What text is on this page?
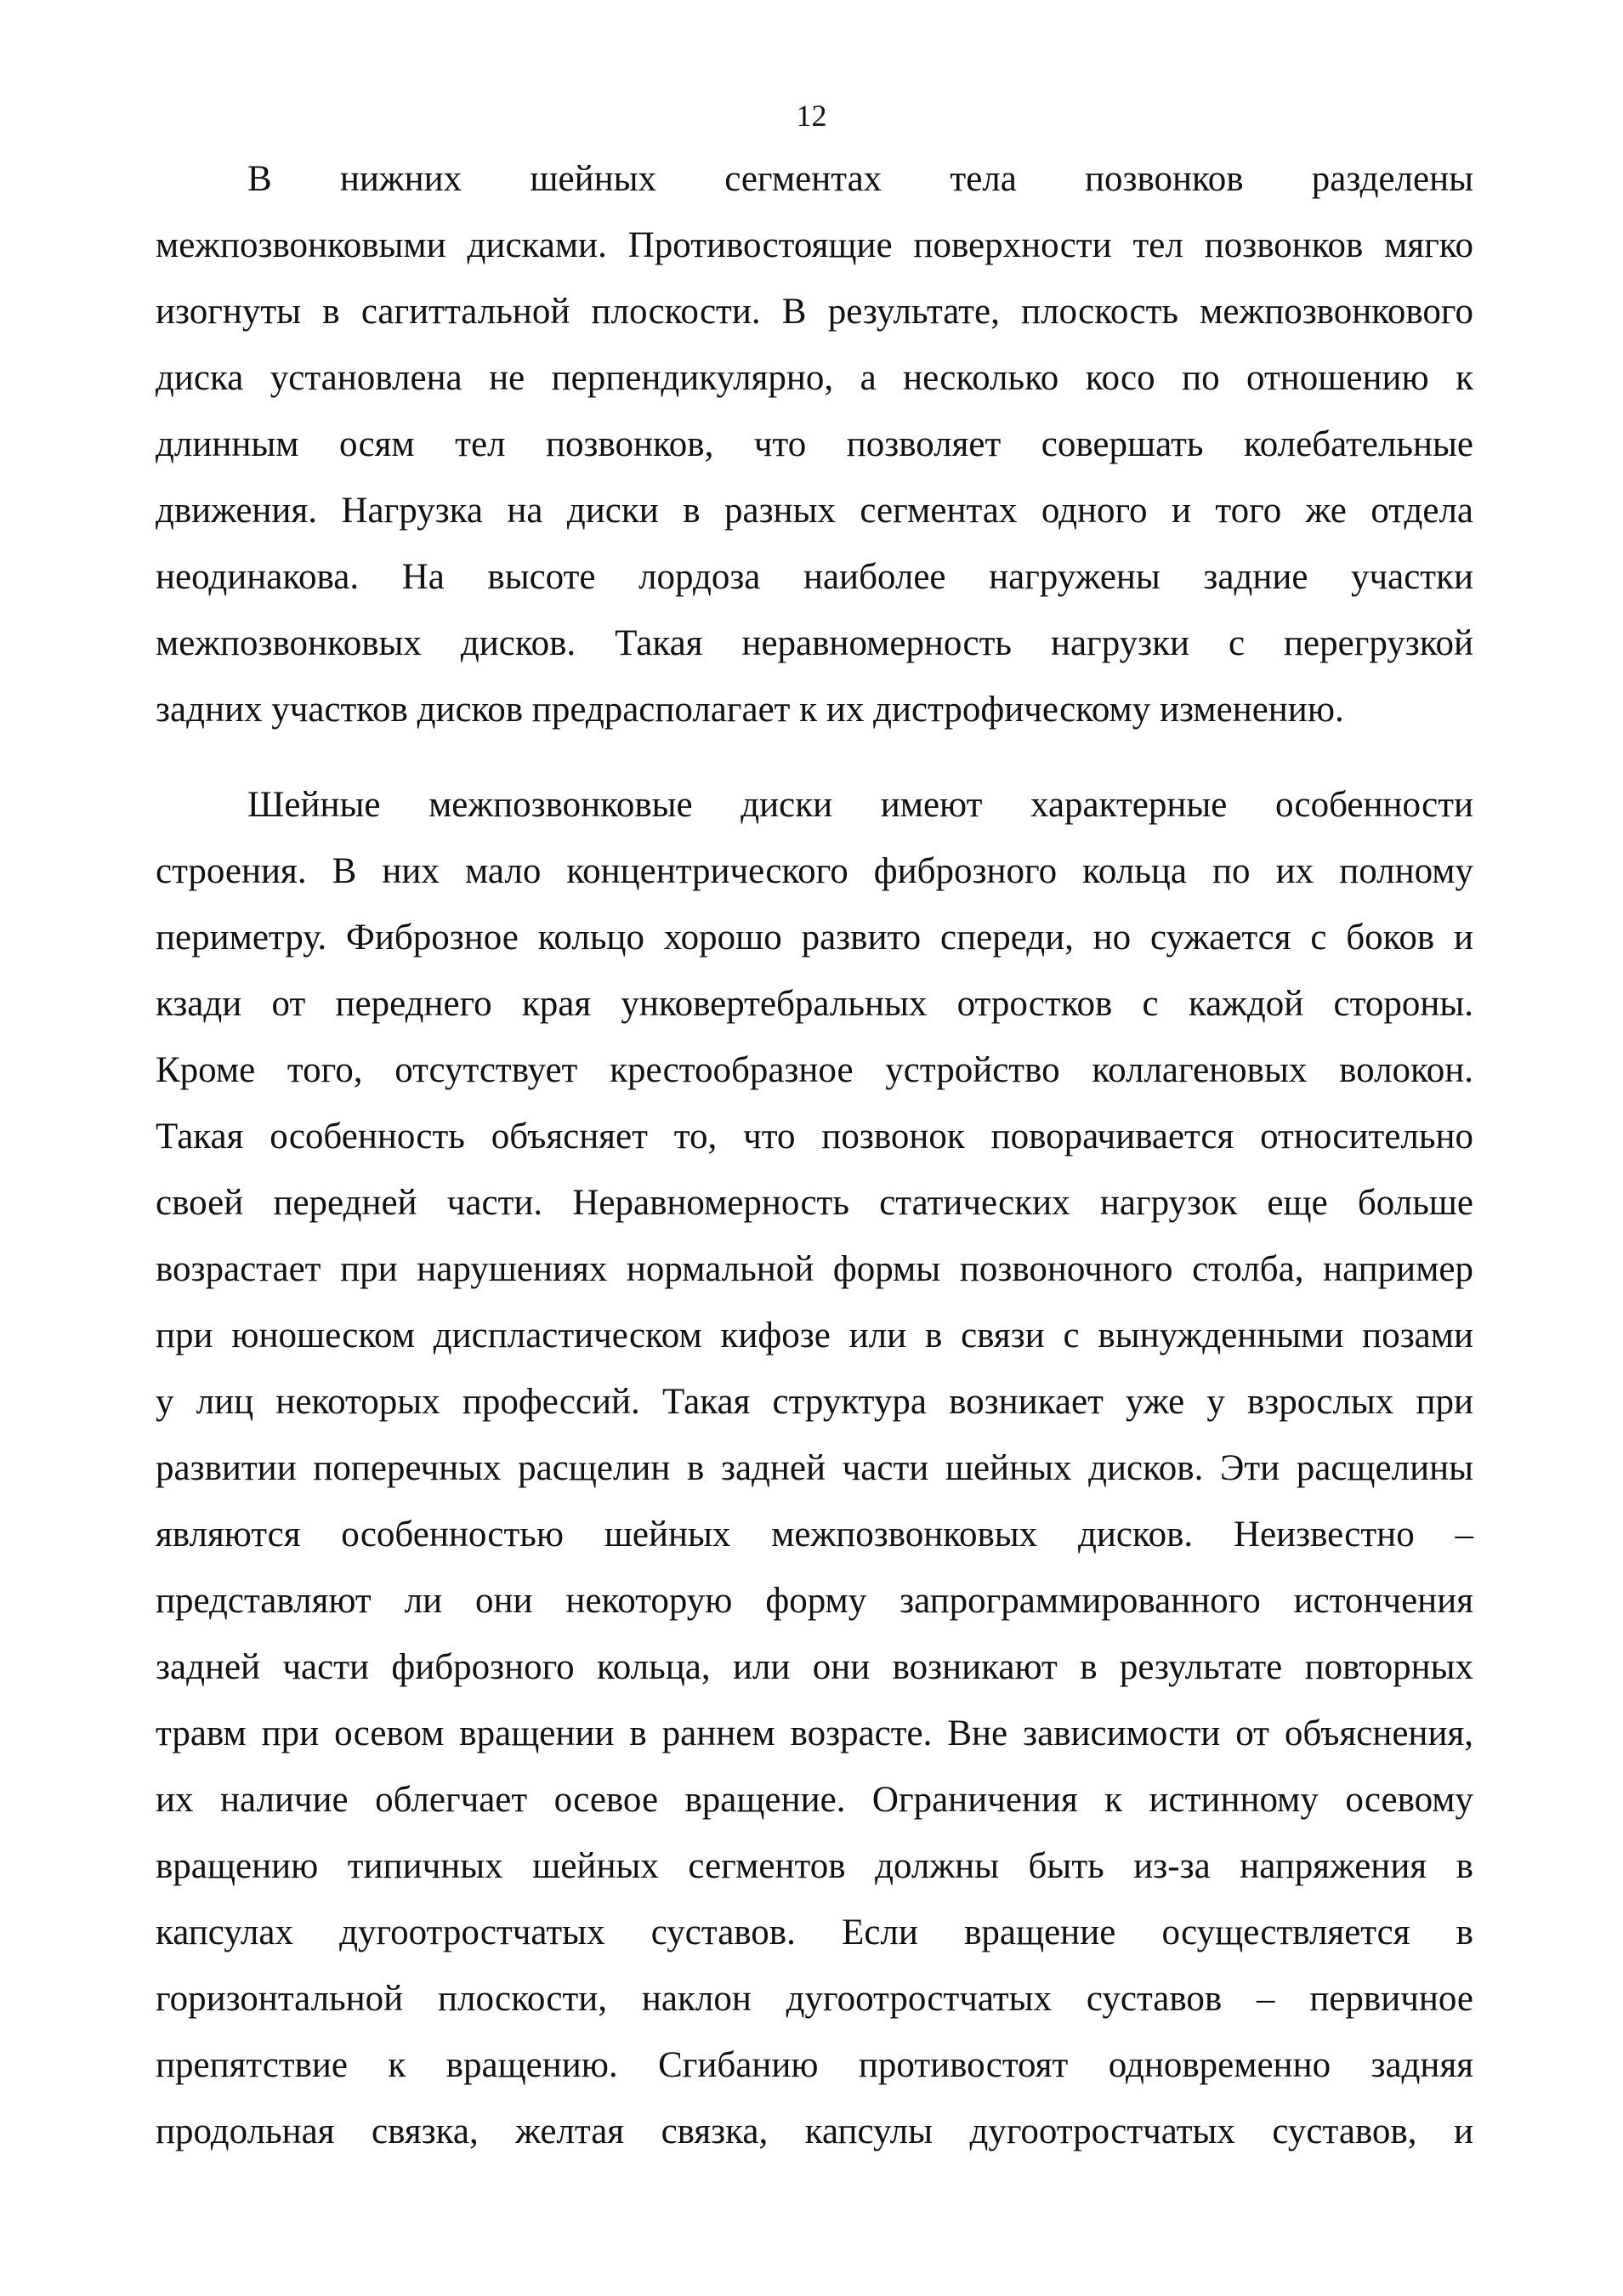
12
В нижних шейных сегментах тела позвонков разделены
межпозвонковыми дисками. Противостоящие поверхности тел позвонков мягко
изогнуты в сагиттальной плоскости. В результате, плоскость межпозвонкового
диска установлена не перпендикулярно, а несколько косо по отношению к
длинным осям тел позвонков, что позволяет совершать колебательные
движения. Нагрузка на диски в разных сегментах одного и того же отдела
неодинакова. На высоте лордоза наиболее нагружены задние участки
межпозвонковых дисков. Такая неравномерность нагрузки с перегрузкой
задних участков дисков предрасполагает к их дистрофическому изменению.
Шейные межпозвонковые диски имеют характерные особенности
строения. В них мало концентрического фиброзного кольца по их полному
периметру. Фиброзное кольцо хорошо развито спереди, но сужается с боков и
кзади от переднего края унковертебральных отростков с каждой стороны.
Кроме того, отсутствует крестообразное устройство коллагеновых волокон.
Такая особенность объясняет то, что позвонок поворачивается относительно
своей передней части. Неравномерность статических нагрузок еще больше
возрастает при нарушениях нормальной формы позвоночного столба, например
при юношеском диспластическом кифозе или в связи с вынужденными позами
у лиц некоторых профессий. Такая структура возникает уже у взрослых при
развитии поперечных расщелин в задней части шейных дисков. Эти расщелины
являются особенностью шейных межпозвонковых дисков. Неизвестно –
представляют ли они некоторую форму запрограммированного истончения
задней части фиброзного кольца, или они возникают в результате повторных
травм при осевом вращении в раннем возрасте. Вне зависимости от объяснения,
их наличие облегчает осевое вращение. Ограничения к истинному осевому
вращению типичных шейных сегментов должны быть из-за напряжения в
капсулах дугоотростчатых суставов. Если вращение осуществляется в
горизонтальной плоскости, наклон дугоотростчатых суставов – первичное
препятствие к вращению. Сгибанию противостоят одновременно задняя
продольная связка, желтая связка, капсулы дугоотростчатых суставов, и
